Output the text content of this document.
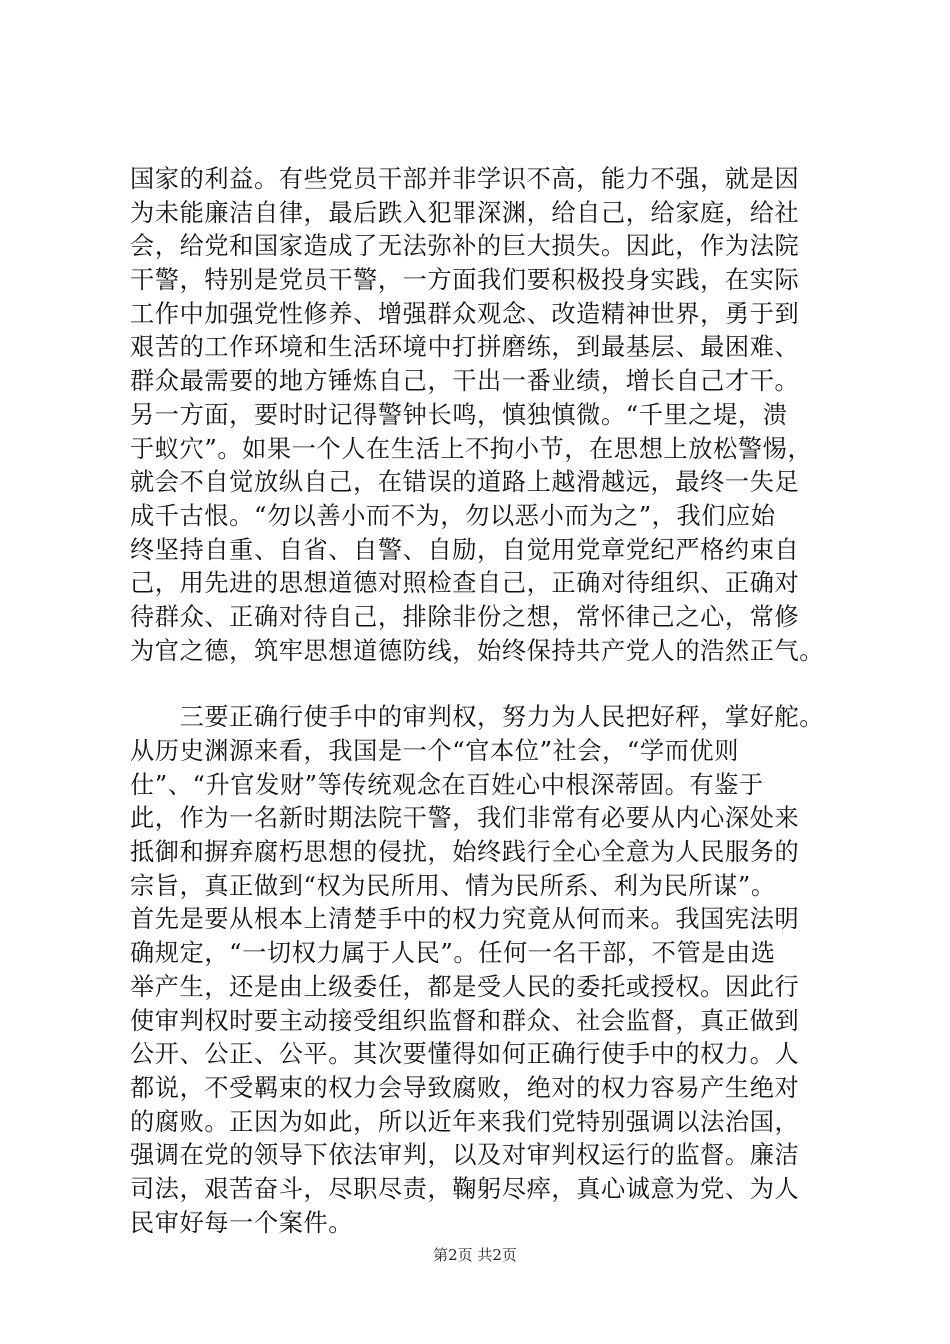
国家的利益。有些党员干部并非学识不高，能力不强，就是因
为未能廉洁自律，最后跌入犯罪深渊，给自己，给家庭，给社
会，给党和国家造成了无法弥补的巨大损失。因此，作为法院
干警，特别是党员干警，一方面我们要积极投身实践，在实际
工作中加强党性修养、增强群众观念、改造精神世界，勇于到
艰苦的工作环境和生活环境中打拼磨练，到最基层、最困难、
群众最需要的地方锤炼自己，干出一番业绩，增长自己才干。
另一方面，要时时记得警钟长鸣，慎独慎微。“千里之堤，溃
于蚁穴”。如果一个人在生活上不拘小节，在思想上放松警惕，
就会不自觉放纵自己，在错误的道路上越滑越远，最终一失足
成千古恨。“勿以善小而不为，勿以恶小而为之”，我们应始
终坚持自重、自省、自警、自励，自觉用党章党纪严格约束自
己，用先进的思想道德对照检查自己，正确对待组织、正确对
待群众、正确对待自己，排除非份之想，常怀律己之心，常修
为官之德，筑牢思想道德防线，始终保持共产党人的浩然正气。
　　三要正确行使手中的审判权，努力为人民把好秤，掌好舵。
从历史渊源来看，我国是一个“官本位”社会，“学而优则
仕”、“升官发财”等传统观念在百姓心中根深蒂固。有鉴于
此，作为一名新时期法院干警，我们非常有必要从内心深处来
抵御和摒弃腐朽思想的侵扰，始终践行全心全意为人民服务的
宗旨，真正做到“权为民所用、情为民所系、利为民所谋”。
首先是要从根本上清楚手中的权力究竟从何而来。我国宪法明
确规定，“一切权力属于人民”。任何一名干部，不管是由选
举产生，还是由上级委任，都是受人民的委托或授权。因此行
使审判权时要主动接受组织监督和群众、社会监督，真正做到
公开、公正、公平。其次要懂得如何正确行使手中的权力。人
都说，不受羁束的权力会导致腐败，绝对的权力容易产生绝对
的腐败。正因为如此，所以近年来我们党特别强调以法治国，
强调在党的领导下依法审判，以及对审判权运行的监督。廉洁
司法，艰苦奋斗，尽职尽责，鞠躬尽瘁，真心诚意为党、为人
民审好每一个案件。
第2页 共2页
